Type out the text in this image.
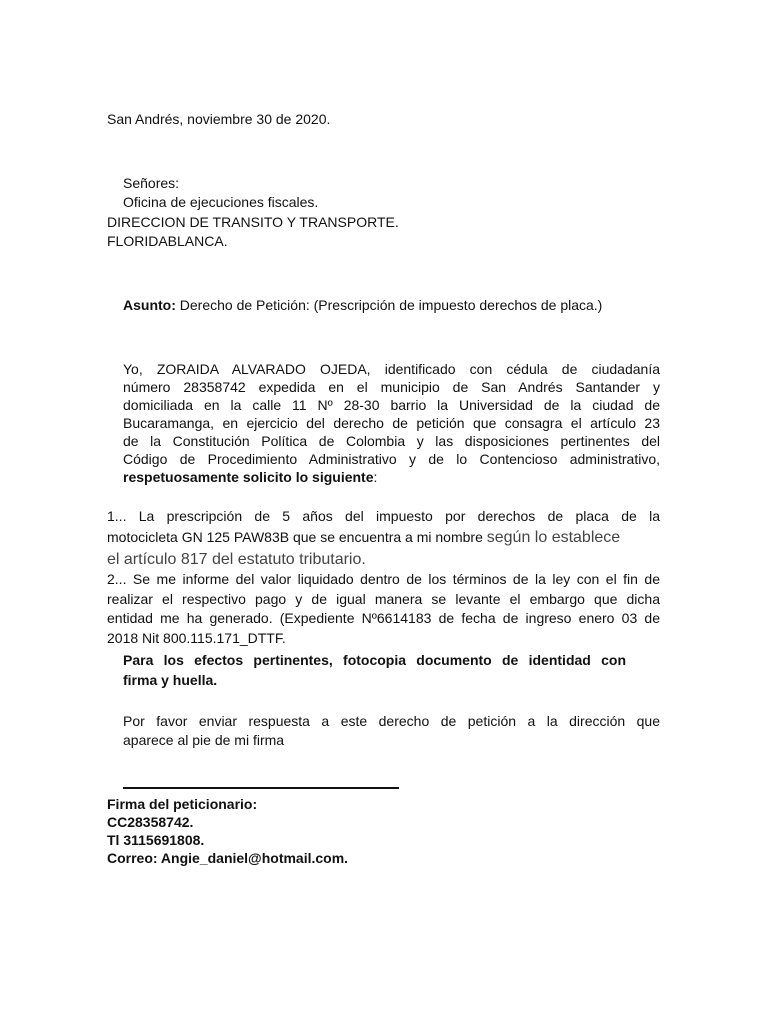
San Andrés, noviembre 30 de 2020.

Señores:

Oficina de ejecuciones fiscales.

DIRECCION DE TRANSITO Y TRANSPORTE.

FLORIDABLANCA.

Asunto: Derecho de Petición: (Prescripción de impuesto derechos de placa.)

Yo, ZORAIDA ALVARADO OJEDA, identificado con cédula de ciudadanía
número 28358742 expedida en el municipio de San Andrés Santander y
domiciliada en la calle 11 Nº 28-30 barrio la Universidad de la ciudad de
Bucaramanga, en ejercicio del derecho de petición que consagra el artículo 23
de la Constitución Política de Colombia y las disposiciones pertinentes del
Código de Procedimiento Administrativo y de lo Contencioso administrativo,
respetuosamente solicito lo siguiente:
1... La prescripción de 5 años del impuesto por derechos de placa de la
motocicleta GN 125 PAW83B que se encuentra a mi nombre según lo establece
el artículo 817 del estatuto tributario.
2... Se me informe del valor liquidado dentro de los términos de la ley con el fin de
realizar el respectivo pago y de igual manera se levante el embargo que dicha
entidad me ha generado. (Expediente Nº6614183 de fecha de ingreso enero 03 de
2018 Nit 800.115.171_DTTF.
Para los efectos pertinentes, fotocopia documento de identidad con
firma y huella.
Por favor enviar respuesta a este derecho de petición a la dirección que
aparece al pie de mi firma
Firma del peticionario:
CC28358742.
Tl 3115691808.
Correo: Angie_daniel@hotmail.com.
